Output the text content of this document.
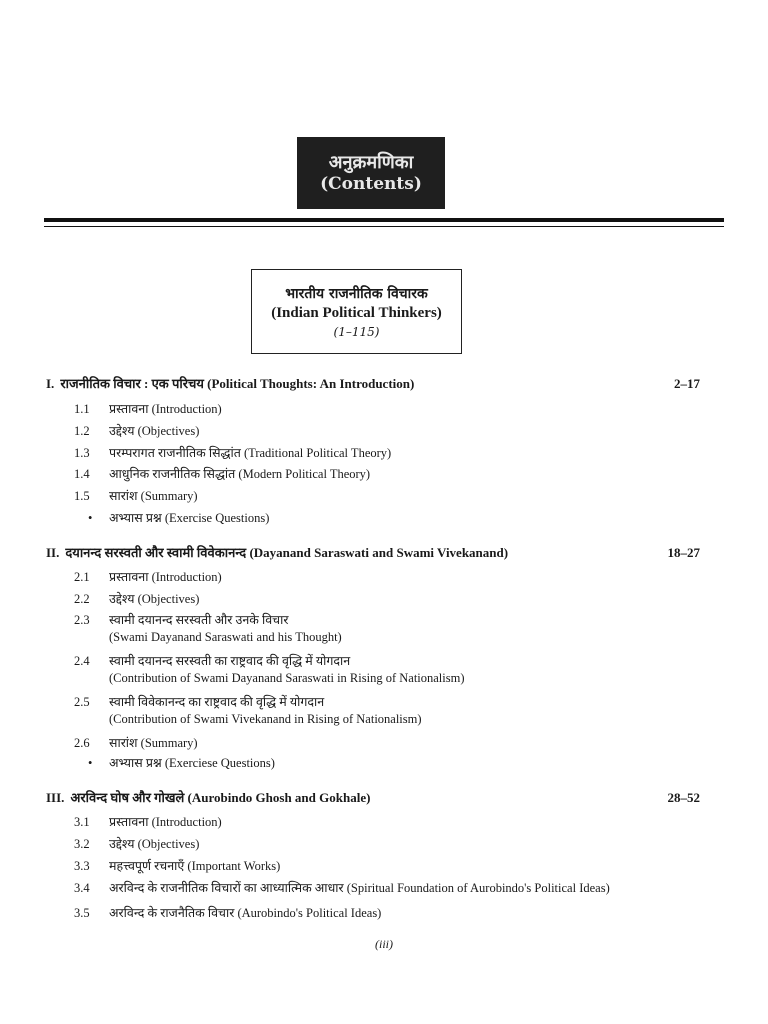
अनुक्रमणिका
(Contents)
भारतीय राजनीतिक विचारक
(Indian Political Thinkers)
(1–115)
I. राजनीतिक विचार : एक परिचय (Political Thoughts: An Introduction)	2–17
1.1	प्रस्तावना (Introduction)
1.2	उद्देश्य (Objectives)
1.3	परम्परागत राजनीतिक सिद्धांत (Traditional Political Theory)
1.4	आधुनिक राजनीतिक सिद्धांत (Modern Political Theory)
1.5	सारांश (Summary)
•	अभ्यास प्रश्न (Exercise Questions)
II. दयानन्द सरस्वती और स्वामी विवेकानन्द (Dayanand Saraswati and Swami Vivekanand)	18–27
2.1	प्रस्तावना (Introduction)
2.2	उद्देश्य (Objectives)
2.3	स्वामी दयानन्द सरस्वती और उनके विचार
(Swami Dayanand Saraswati and his Thought)
2.4	स्वामी दयानन्द सरस्वती का राष्ट्रवाद की वृद्धि में योगदान
(Contribution of Swami Dayanand Saraswati in Rising of Nationalism)
2.5	स्वामी विवेकानन्द का राष्ट्रवाद की वृद्धि में योगदान
(Contribution of Swami Vivekanand in Rising of Nationalism)
2.6	सारांश (Summary)
•	अभ्यास प्रश्न (Exerciese Questions)
III. अरविन्द घोष और गोखले (Aurobindo Ghosh and Gokhale)	28–52
3.1	प्रस्तावना (Introduction)
3.2	उद्देश्य (Objectives)
3.3	महत्त्वपूर्ण रचनाएँ (Important Works)
3.4	अरविन्द के राजनीतिक विचारों का आध्यात्मिक आधार (Spiritual Foundation of Aurobindo's Political Ideas)
3.5	अरविन्द के राजनैतिक विचार (Aurobindo's Political Ideas)
(iii)
